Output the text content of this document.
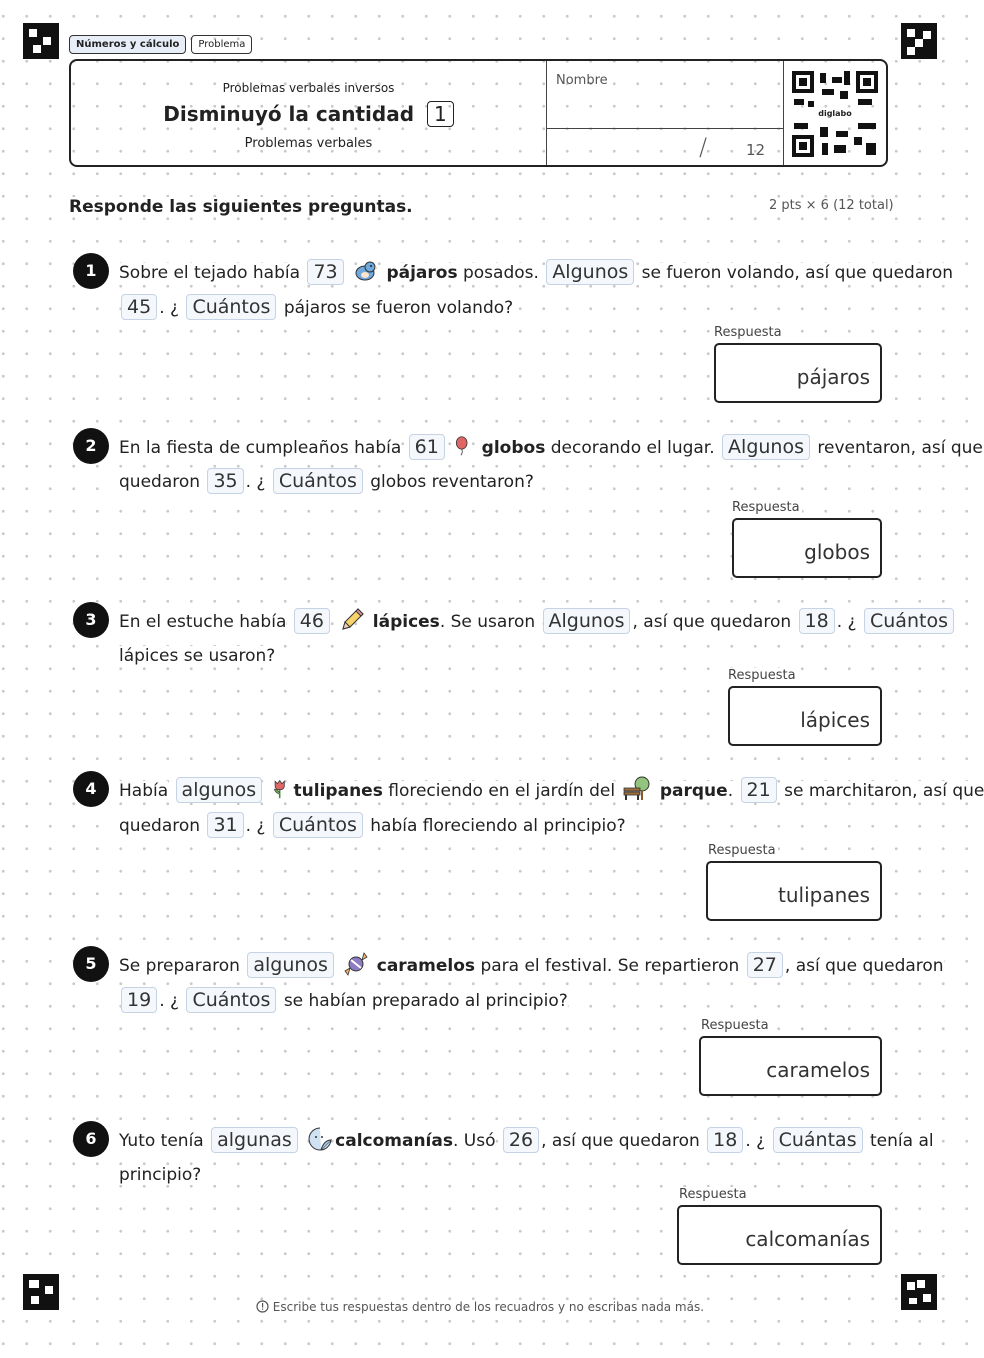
Números y cálculo	Problema
Problemas verbales inversos
Disminuyó la cantidad 1
Problemas verbales
Nombre
/	12
diglabo
Responde las siguientes preguntas.	2 pts × 6 (12 total)
1	Sobre el tejado había 73	pájaros posados. Algunos se fueron volando, así que quedaron
45 . ¿ Cuántos pájaros se fueron volando?
Respuesta
pájaros
2	En la fiesta de cumpleaños había 61	globos decorando el lugar. Algunos reventaron, así que
quedaron 35 . ¿ Cuántos globos reventaron?
Respuesta
globos
3	En el estuche había 46	lápices. Se usaron Algunos , así que quedaron 18 . ¿ Cuántos
lápices se usaron?
Respuesta
lápices
4	Había algunos tulipanes floreciendo en el jardín del	parque. 21 se marchitaron, así que
quedaron 31 . ¿ Cuántos había floreciendo al principio?
Respuesta
tulipanes
5	Se prepararon algunos	caramelos para el festival. Se repartieron 27 , así que quedaron
19 . ¿ Cuántos se habían preparado al principio?
Respuesta
caramelos
6	Yuto tenía algunas	calcomanías. Usó 26 , así que quedaron 18 . ¿ Cuántas tenía al
principio?
Respuesta
calcomanías
Escribe tus respuestas dentro de los recuadros y no escribas nada más.
